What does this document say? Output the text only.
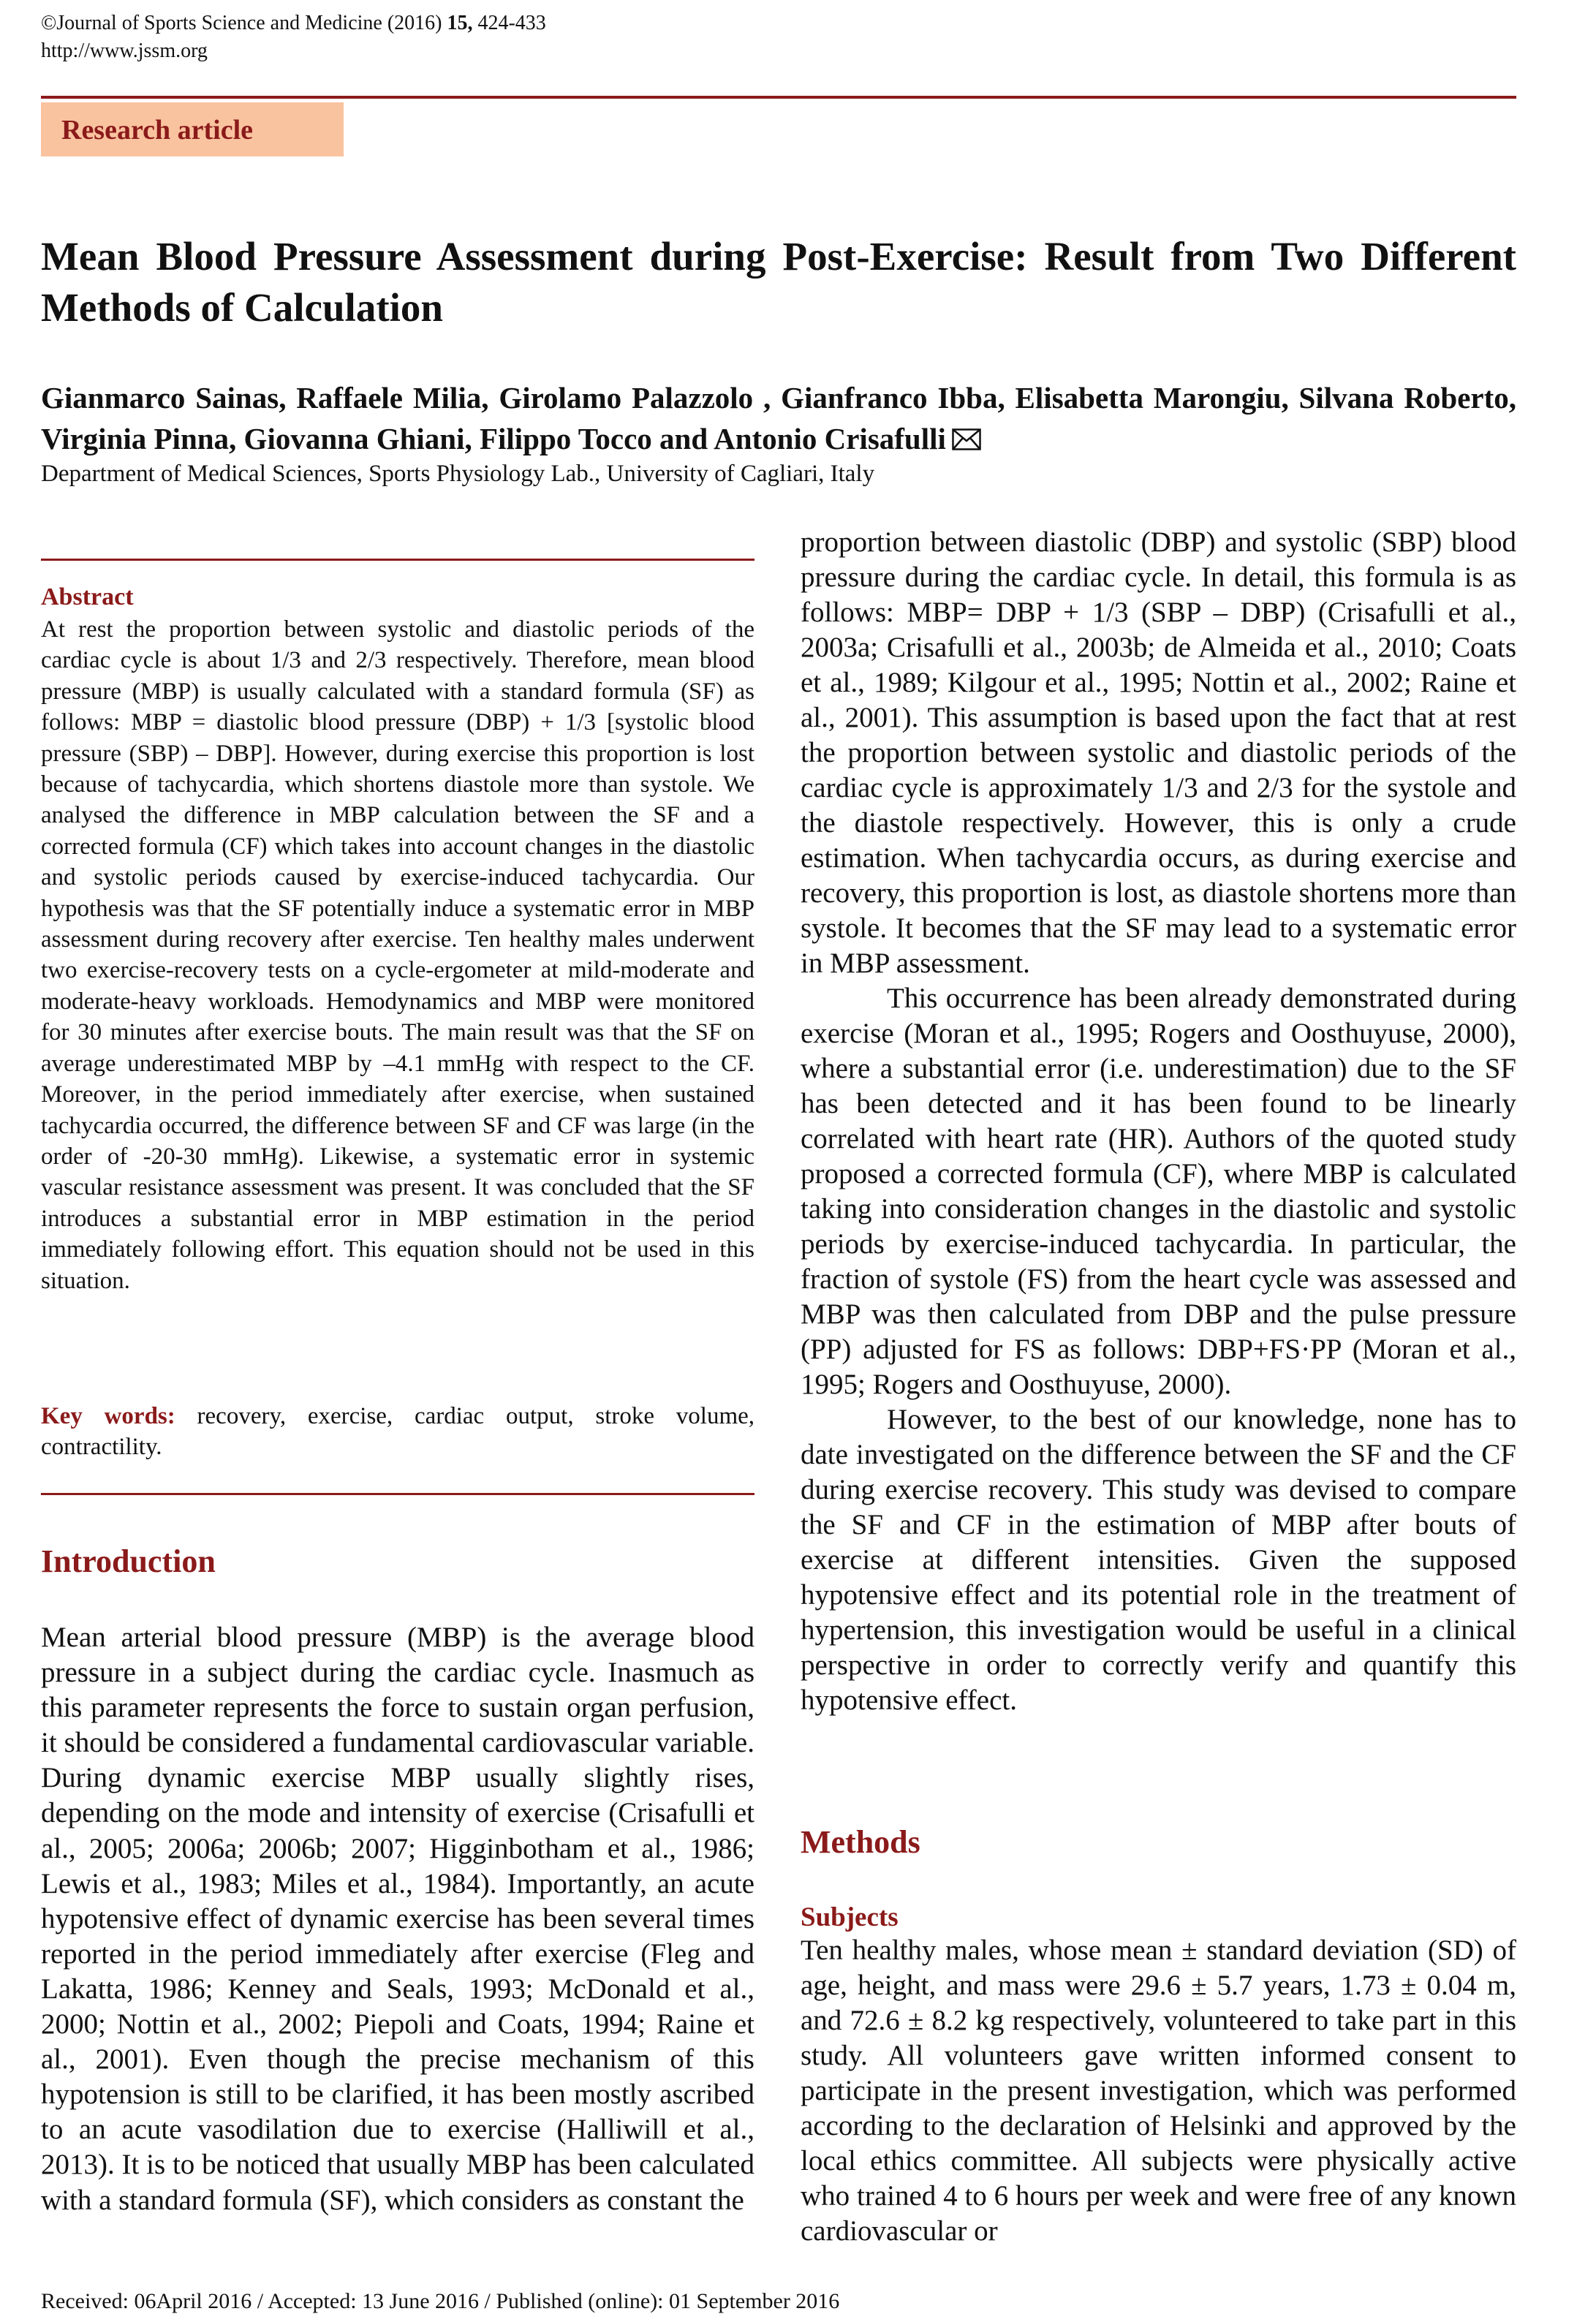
©Journal of Sports Science and Medicine (2016) 15, 424-433
http://www.jssm.org
Research article
Mean Blood Pressure Assessment during Post-Exercise: Result from Two Different Methods of Calculation
Gianmarco Sainas, Raffaele Milia, Girolamo Palazzolo , Gianfranco Ibba, Elisabetta Marongiu, Silvana Roberto, Virginia Pinna, Giovanna Ghiani, Filippo Tocco and Antonio Crisafulli
Department of Medical Sciences, Sports Physiology Lab., University of Cagliari, Italy
Abstract
At rest the proportion between systolic and diastolic periods of the cardiac cycle is about 1/3 and 2/3 respectively. Therefore, mean blood pressure (MBP) is usually calculated with a standard formula (SF) as follows: MBP = diastolic blood pressure (DBP) + 1/3 [systolic blood pressure (SBP) – DBP]. However, during exercise this proportion is lost because of tachycardia, which shortens diastole more than systole. We analysed the difference in MBP calculation between the SF and a corrected formula (CF) which takes into account changes in the diastolic and systolic periods caused by exercise-induced tachycardia. Our hypothesis was that the SF potentially induce a systematic error in MBP assessment during recovery after exercise. Ten healthy males underwent two exercise-recovery tests on a cycle-ergometer at mild-moderate and moderate-heavy workloads. Hemodynamics and MBP were monitored for 30 minutes after exercise bouts. The main result was that the SF on average underestimated MBP by –4.1 mmHg with respect to the CF. Moreover, in the period immediately after exercise, when sustained tachycardia occurred, the difference between SF and CF was large (in the order of -20-30 mmHg). Likewise, a systematic error in systemic vascular resistance assessment was present. It was concluded that the SF introduces a substantial error in MBP estimation in the period immediately following effort. This equation should not be used in this situation.
Key words: recovery, exercise, cardiac output, stroke volume, contractility.
Introduction
Mean arterial blood pressure (MBP) is the average blood pressure in a subject during the cardiac cycle. Inasmuch as this parameter represents the force to sustain organ perfusion, it should be considered a fundamental cardiovascular variable. During dynamic exercise MBP usually slightly rises, depending on the mode and intensity of exercise (Crisafulli et al., 2005; 2006a; 2006b; 2007; Higginbotham et al., 1986; Lewis et al., 1983; Miles et al., 1984). Importantly, an acute hypotensive effect of dynamic exercise has been several times reported in the period immediately after exercise (Fleg and Lakatta, 1986; Kenney and Seals, 1993; McDonald et al., 2000; Nottin et al., 2002; Piepoli and Coats, 1994; Raine et al., 2001). Even though the precise mechanism of this hypotension is still to be clarified, it has been mostly ascribed to an acute vasodilation due to exercise (Halliwill et al., 2013). It is to be noticed that usually MBP has been calculated with a standard formula (SF), which considers as constant the

proportion between diastolic (DBP) and systolic (SBP) blood pressure during the cardiac cycle. In detail, this formula is as follows: MBP= DBP + 1/3 (SBP – DBP) (Crisafulli et al., 2003a; Crisafulli et al., 2003b; de Almeida et al., 2010; Coats et al., 1989; Kilgour et al., 1995; Nottin et al., 2002; Raine et al., 2001). This assumption is based upon the fact that at rest the proportion between systolic and diastolic periods of the cardiac cycle is approximately 1/3 and 2/3 for the systole and the diastole respectively. However, this is only a crude estimation. When tachycardia occurs, as during exercise and recovery, this proportion is lost, as diastole shortens more than systole. It becomes that the SF may lead to a systematic error in MBP assessment.

This occurrence has been already demonstrated during exercise (Moran et al., 1995; Rogers and Oosthuyuse, 2000), where a substantial error (i.e. underestimation) due to the SF has been detected and it has been found to be linearly correlated with heart rate (HR). Authors of the quoted study proposed a corrected formula (CF), where MBP is calculated taking into consideration changes in the diastolic and systolic periods by exercise-induced tachycardia. In particular, the fraction of systole (FS) from the heart cycle was assessed and MBP was then calculated from DBP and the pulse pressure (PP) adjusted for FS as follows: DBP+FS·PP (Moran et al., 1995; Rogers and Oosthuyuse, 2000).

However, to the best of our knowledge, none has to date investigated on the difference between the SF and the CF during exercise recovery. This study was devised to compare the SF and CF in the estimation of MBP after bouts of exercise at different intensities. Given the supposed hypotensive effect and its potential role in the treatment of hypertension, this investigation would be useful in a clinical perspective in order to correctly verify and quantify this hypotensive effect.

Methods
Subjects
Ten healthy males, whose mean ± standard deviation (SD) of age, height, and mass were 29.6 ± 5.7 years, 1.73 ± 0.04 m, and 72.6 ± 8.2 kg respectively, volunteered to take part in this study. All volunteers gave written informed consent to participate in the present investigation, which was performed according to the declaration of Helsinki and approved by the local ethics committee. All subjects were physically active who trained 4 to 6 hours per week and were free of any known cardiovascular or
Received: 06April 2016 / Accepted: 13 June 2016 / Published (online): 01 September 2016
